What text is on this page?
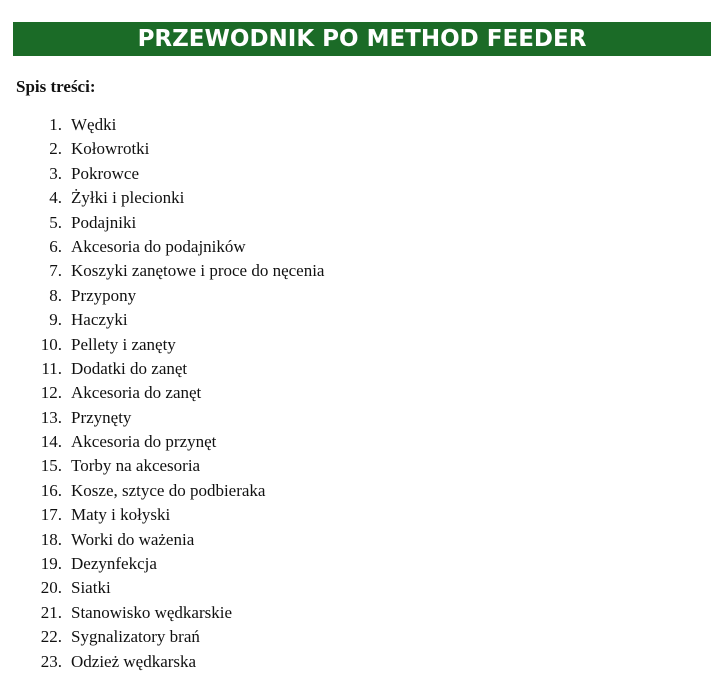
PRZEWODNIK PO METHOD FEEDER

Spis treści:

1. Wędki
2. Kołowrotki
3. Pokrowce
4. Żyłki i plecionki
5. Podajniki
6. Akcesoria do podajników
7. Koszyki zanętowe i proce do nęcenia
8. Przypony
9. Haczyki
10. Pellety i zanęty
11. Dodatki do zanęt
12. Akcesoria do zanęt
13. Przynęty
14. Akcesoria do przynęt
15. Torby na akcesoria
16. Kosze, sztyce do podbieraka
17. Maty i kołyski
18. Worki do ważenia
19. Dezynfekcja
20. Siatki
21. Stanowisko wędkarskie
22. Sygnalizatory brań
23. Odzież wędkarska
